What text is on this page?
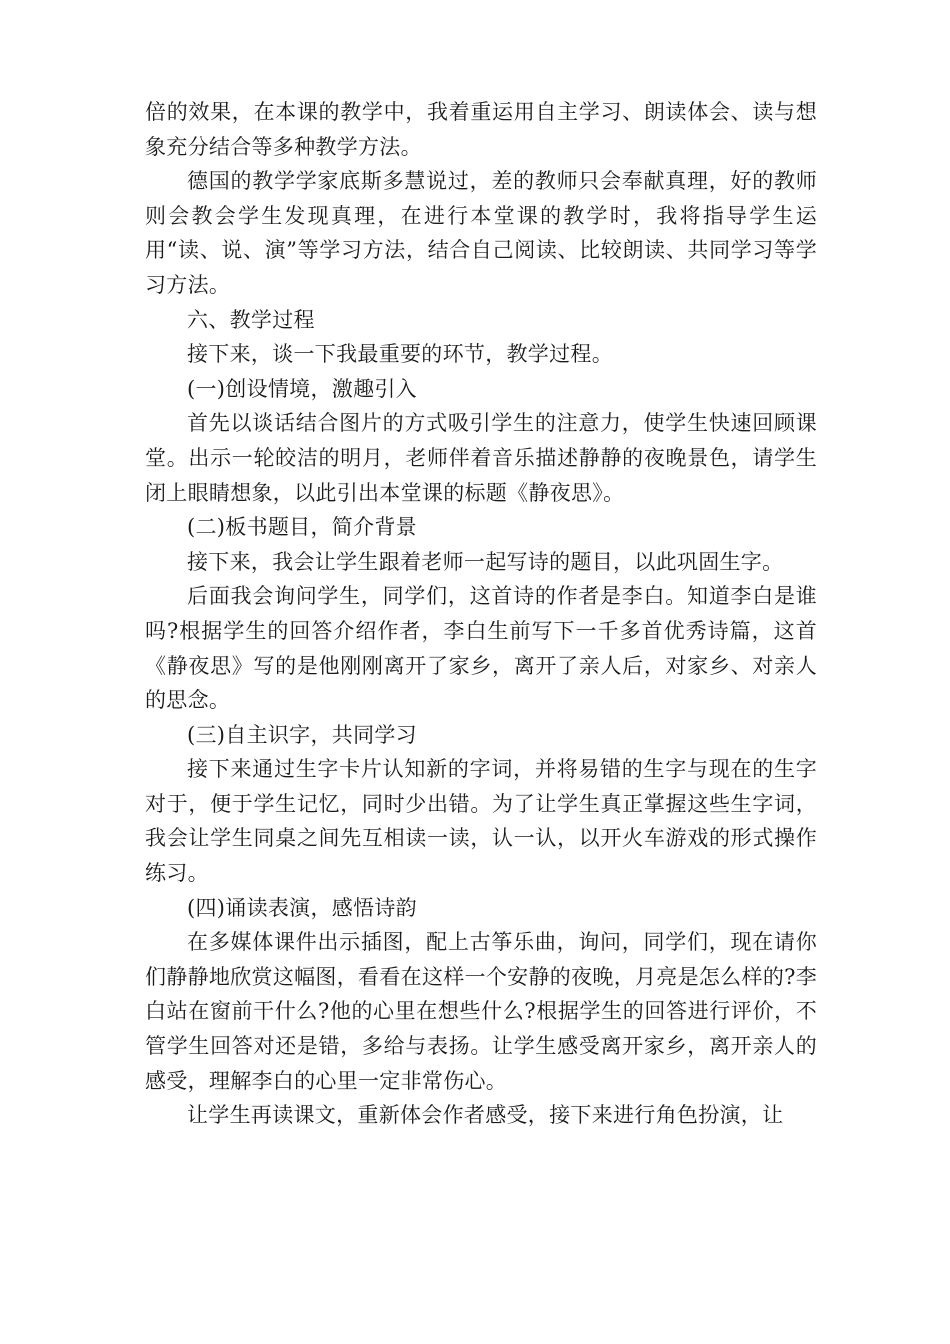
倍的效果，在本课的教学中，我着重运用自主学习、朗读体会、读与想象充分结合等多种教学方法。

德国的教学学家底斯多慧说过，差的教师只会奉献真理，好的教师则会教会学生发现真理，在进行本堂课的教学时，我将指导学生运用“读、说、演”等学习方法，结合自己阅读、比较朗读、共同学习等学习方法。

六、教学过程

接下来，谈一下我最重要的环节，教学过程。

(一)创设情境，激趣引入

首先以谈话结合图片的方式吸引学生的注意力，使学生快速回顾课堂。出示一轮皎洁的明月，老师伴着音乐描述静静的夜晚景色，请学生闭上眼睛想象，以此引出本堂课的标题《静夜思》。

(二)板书题目，简介背景

接下来，我会让学生跟着老师一起写诗的题目，以此巩固生字。

后面我会询问学生，同学们，这首诗的作者是李白。知道李白是谁吗?根据学生的回答介绍作者，李白生前写下一千多首优秀诗篇，这首《静夜思》写的是他刚刚离开了家乡，离开了亲人后，对家乡、对亲人的思念。

(三)自主识字，共同学习

接下来通过生字卡片认知新的字词，并将易错的生字与现在的生字对于，便于学生记忆，同时少出错。为了让学生真正掌握这些生字词，我会让学生同桌之间先互相读一读，认一认，以开火车游戏的形式操作练习。

(四)诵读表演，感悟诗韵

在多媒体课件出示插图，配上古筝乐曲，询问，同学们，现在请你们静静地欣赏这幅图，看看在这样一个安静的夜晚，月亮是怎么样的?李白站在窗前干什么?他的心里在想些什么?根据学生的回答进行评价，不管学生回答对还是错，多给与表扬。让学生感受离开家乡，离开亲人的感受，理解李白的心里一定非常伤心。

让学生再读课文，重新体会作者感受，接下来进行角色扮演，让
